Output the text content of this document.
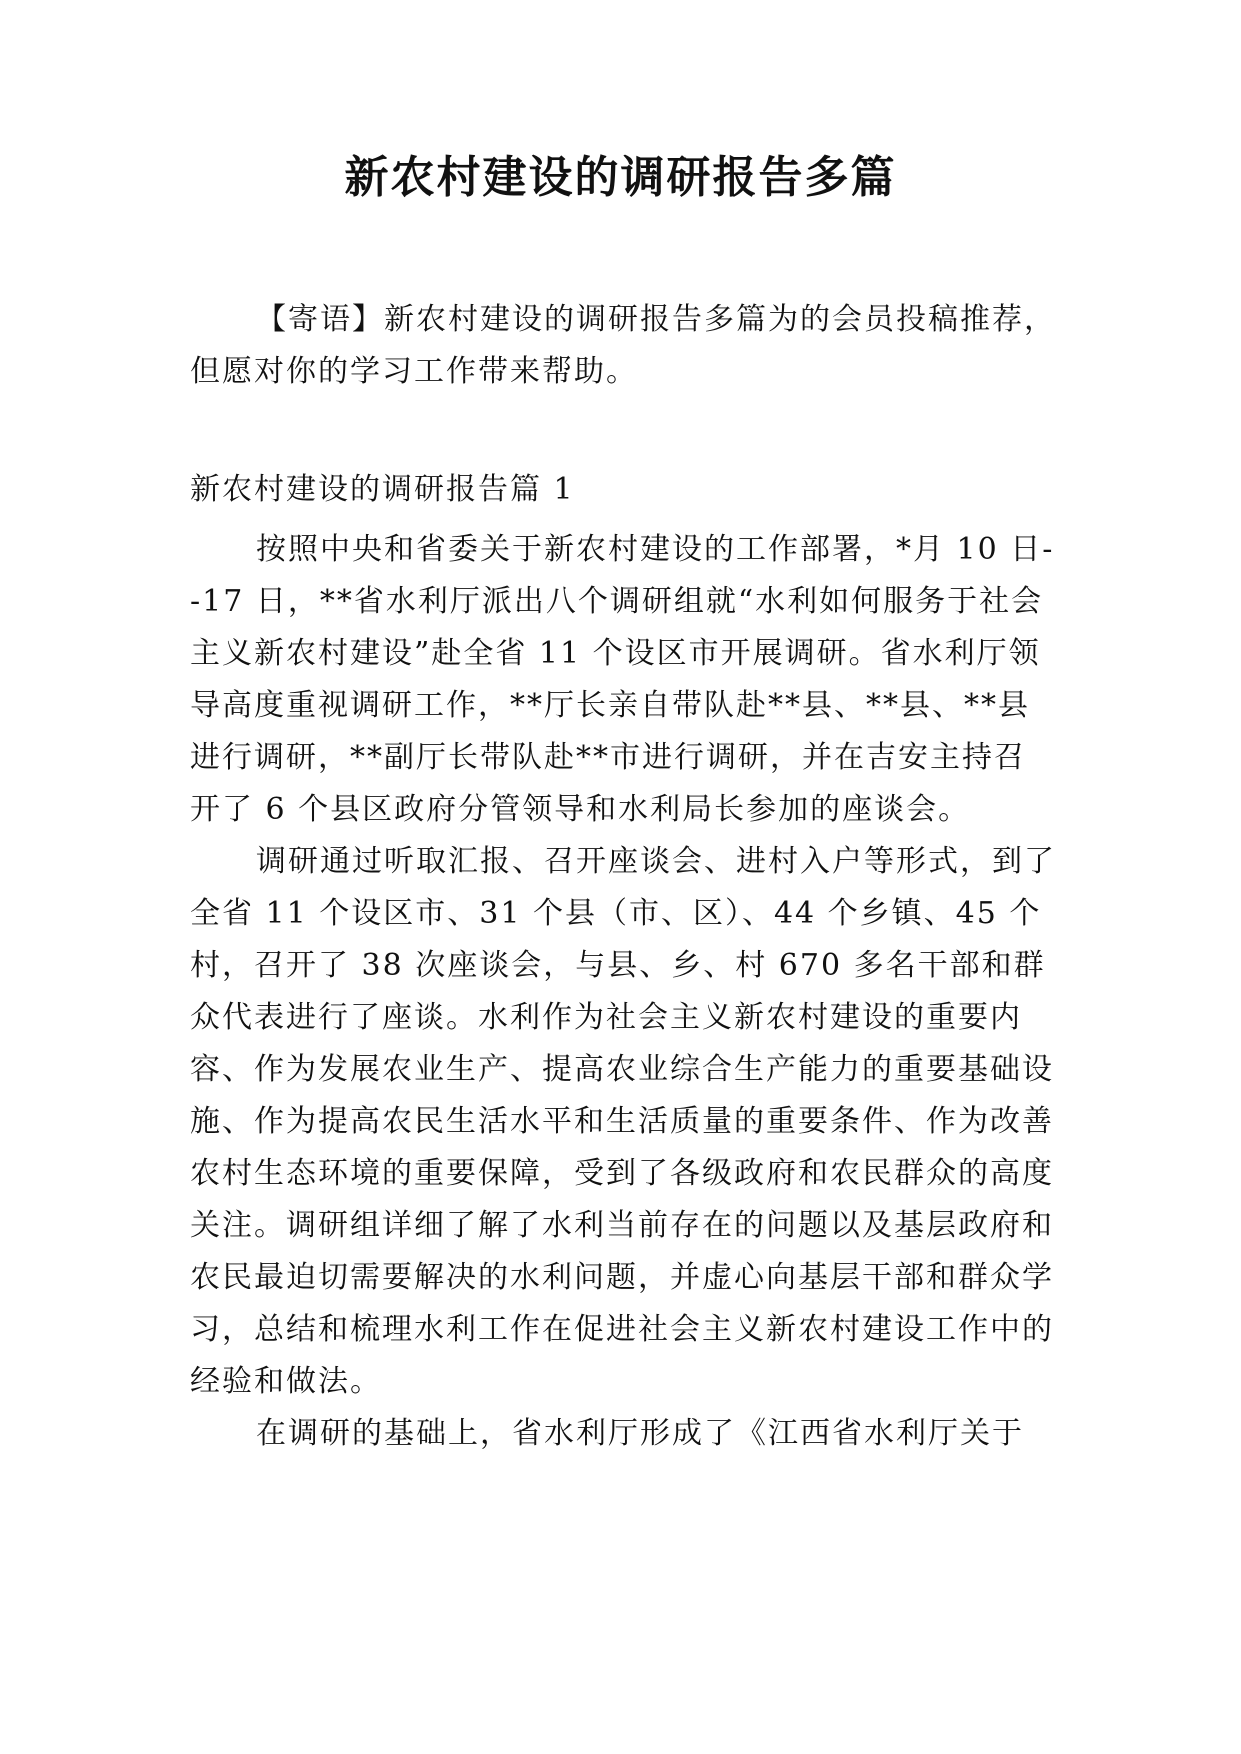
新农村建设的调研报告多篇

【寄语】新农村建设的调研报告多篇为的会员投稿推荐，但愿对你的学习工作带来帮助。

新农村建设的调研报告篇 1

按照中央和省委关于新农村建设的工作部署，*月 10 日--17 日，**省水利厅派出八个调研组就“水利如何服务于社会主义新农村建设”赴全省 11 个设区市开展调研。省水利厅领导高度重视调研工作，**厅长亲自带队赴**县、**县、**县进行调研，**副厅长带队赴**市进行调研，并在吉安主持召开了 6 个县区政府分管领导和水利局长参加的座谈会。

调研通过听取汇报、召开座谈会、进村入户等形式，到了全省 11 个设区市、31 个县（市、区）、44 个乡镇、45 个村，召开了 38 次座谈会，与县、乡、村 670 多名干部和群众代表进行了座谈。水利作为社会主义新农村建设的重要内容、作为发展农业生产、提高农业综合生产能力的重要基础设施、作为提高农民生活水平和生活质量的重要条件、作为改善农村生态环境的重要保障，受到了各级政府和农民群众的高度关注。调研组详细了解了水利当前存在的问题以及基层政府和农民最迫切需要解决的水利问题，并虚心向基层干部和群众学习，总结和梳理水利工作在促进社会主义新农村建设工作中的经验和做法。

在调研的基础上，省水利厅形成了《江西省水利厅关于
